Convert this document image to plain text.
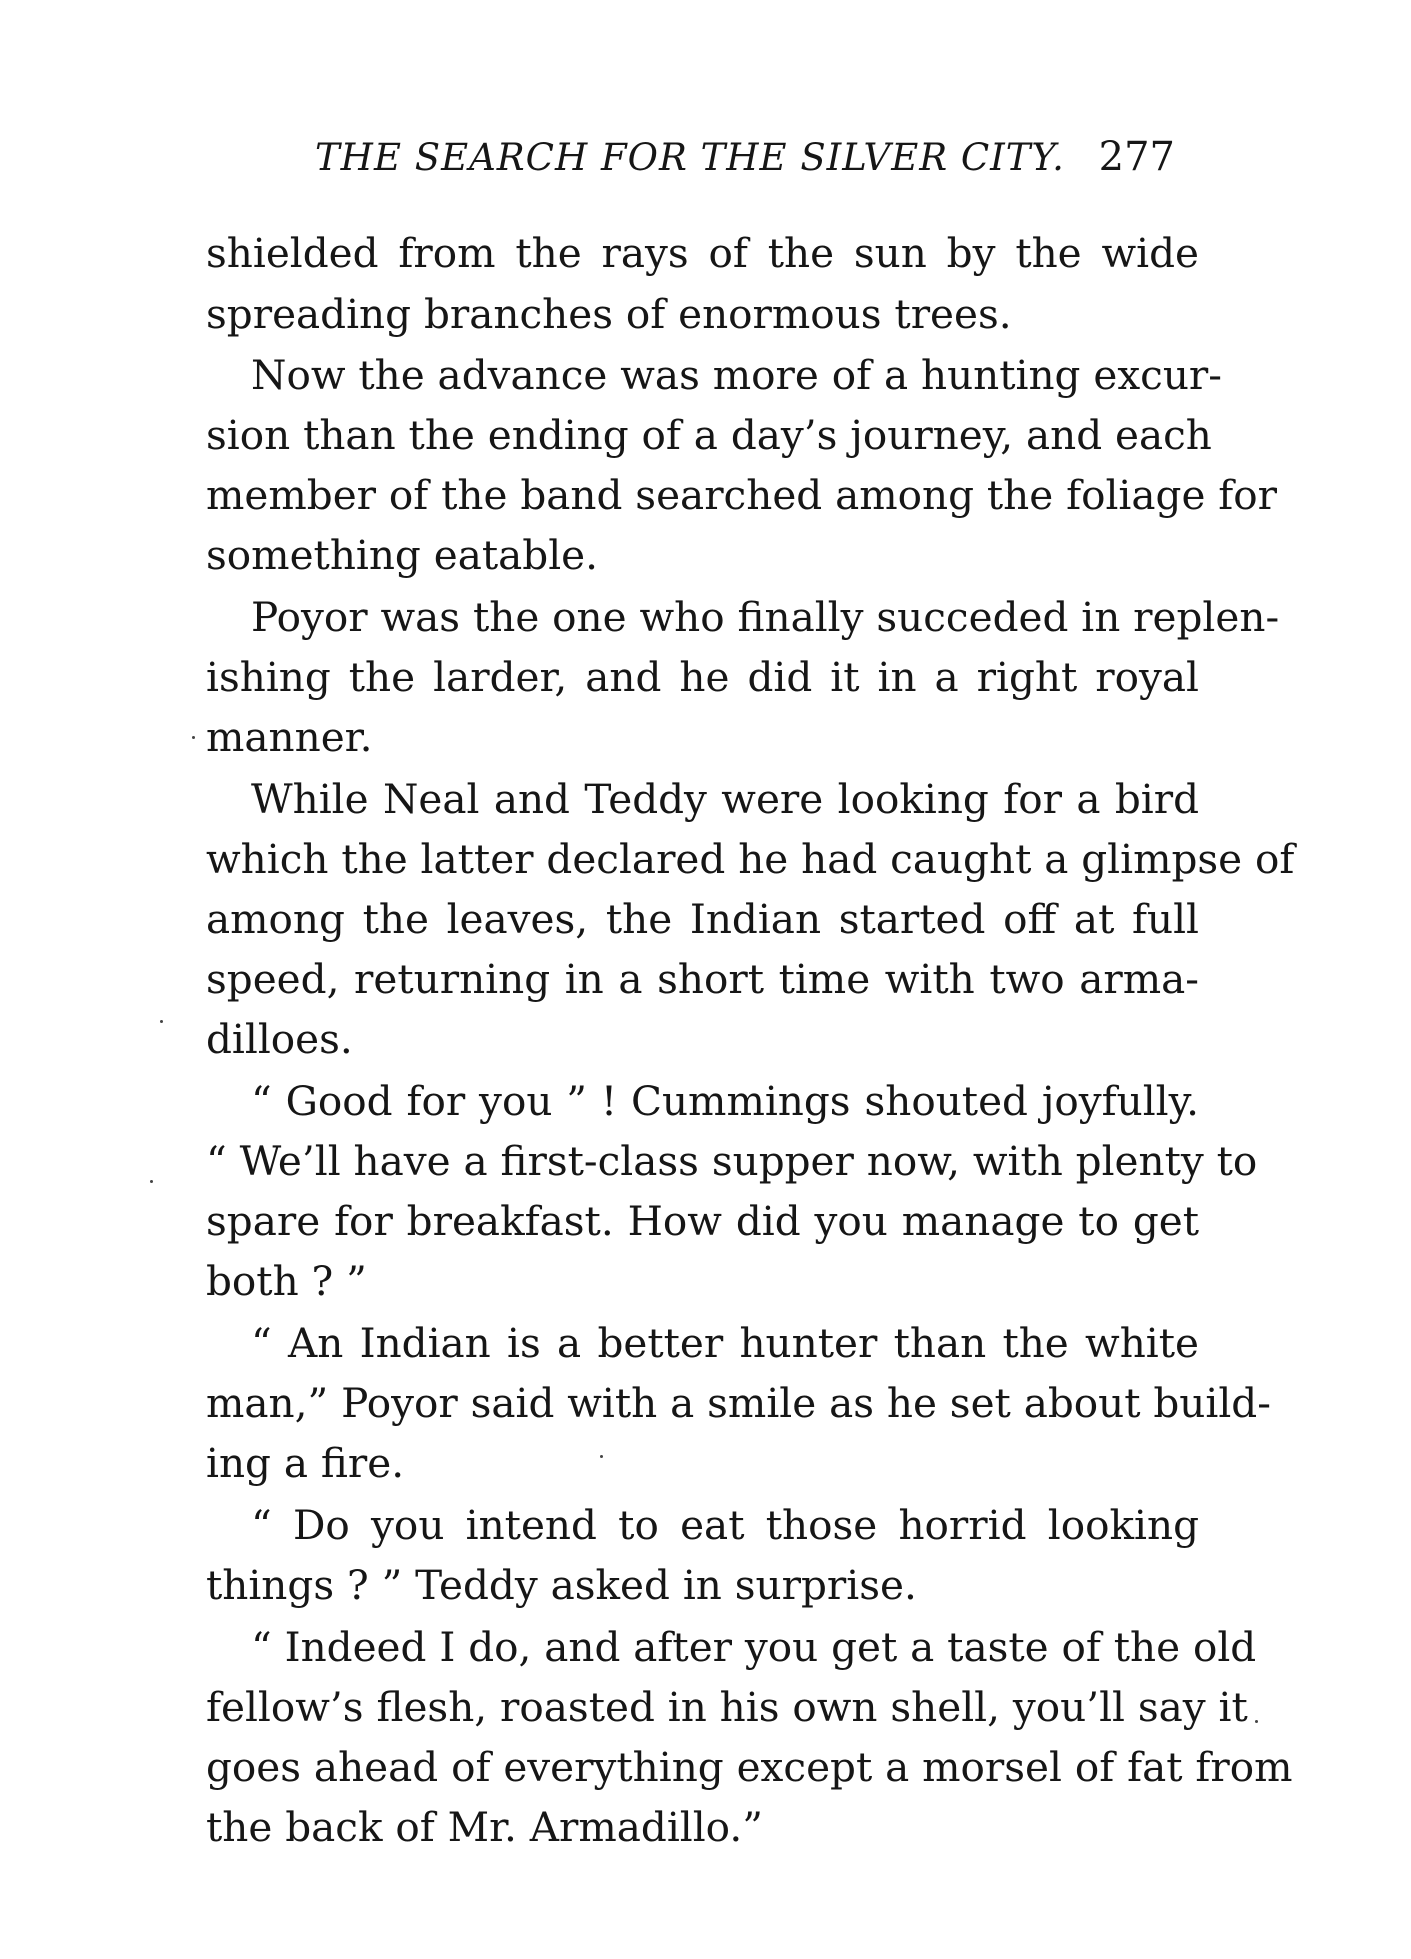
THE SEARCH FOR THE SILVER CITY. 277
shielded from the rays of the sun by the wide
spreading branches of enormous trees.
Now the advance was more of a hunting excur-
sion than the ending of a day’s journey, and each
member of the band searched among the foliage for
something eatable.
Poyor was the one who finally succeded in replen-
ishing the larder, and he did it in a right royal
manner.
While Neal and Teddy were looking for a bird
which the latter declared he had caught a glimpse of
among the leaves, the Indian started off at full
speed, returning in a short time with two arma-
dilloes.
“ Good for you ” ! Cummings shouted joyfully.
“ We’ll have a first-class supper now, with plenty to
spare for breakfast. How did you manage to get
both ? ”
“ An Indian is a better hunter than the white
man,” Poyor said with a smile as he set about build-
ing a fire.
“ Do you intend to eat those horrid looking
things ? ” Teddy asked in surprise.
“ Indeed I do, and after you get a taste of the old
fellow’s flesh, roasted in his own shell, you’ll say it
goes ahead of everything except a morsel of fat from
the back of Mr. Armadillo.”
